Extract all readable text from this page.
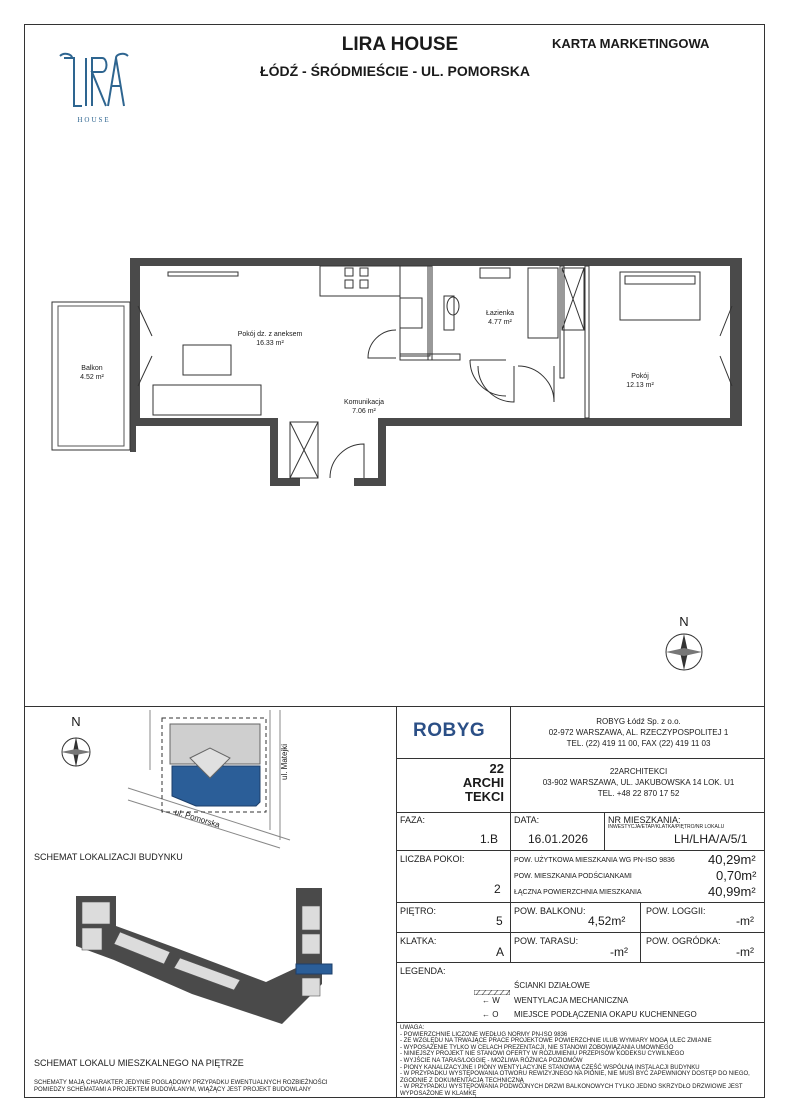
HOUSE
LIRA HOUSE
ŁÓDŹ - ŚRÓDMIEŚCIE - UL. POMORSKA
KARTA MARKETINGOWA
Balkon
4.52 m²
Pokój dz. z aneksem
16.33 m²
Łazienka
4.77 m²
Pokój
12.13 m²
Komunikacja
7.06 m²
N
N
ul. Matejki
ul. Pomorska
SCHEMAT LOKALIZACJI BUDYNKU
SCHEMAT LOKALU MIESZKALNEGO NA PIĘTRZE
SCHEMATY MAJĄ CHARAKTER JEDYNIE POGLĄDOWY PRZYPADKU EWENTUALNYCH ROZBIEŻNOŚCI POMIEDZY SCHEMATAMI A PROJEKTEM BUDOWLANYM, WIĄŻĄCY JEST PROJEKT BUDOWLANY
ROBYG	ROBYG Łódź Sp. z o.o.
02-972 WARSZAWA, AL. RZECZYPOSPOLITEJ 1
TEL. (22) 419 11 00, FAX (22) 419 11 03
22
ARCHI
TEKCI
22ARCHITEKCI
03-902 WARSZAWA, UL. JAKUBOWSKA 14 LOK. U1
TEL. +48 22 870 17 52
FAZA:
1.B
DATA:
16.01.2026
NR MIESZKANIA:
INWESTYCJA/ETAP/KLATKA/PIĘTRO/NR LOKALU
LH/LHA/A/5/1
LICZBA POKOI:
2
POW. UŻYTKOWA MIESZKANIA WG PN-ISO 9836	40,29m²
POW. MIESZKANIA PODŚCIANKAMI	0,70m²
ŁĄCZNA POWIERZCHNIA MIESZKANIA	40,99m²
PIĘTRO:
5
POW. BALKONU:
4,52m²
POW. LOGGII:
-m²
KLATKA:
A
POW. TARASU:
-m²
POW. OGRÓDKA:
-m²
LEGENDA:
ŚCIANKI DZIAŁOWE
← W WENTYLACJA MECHANICZNA
← O MIEJSCE PODŁĄCZENIA OKAPU KUCHENNEGO
UWAGA:
- POWIERZCHNIE LICZONE WEDŁUG NORMY PN-ISO 9836
- ZE WZGLĘDU NA TRWAJĄCE PRACE PROJEKTOWE POWIERZCHNIE I/LUB WYMIARY MOGĄ ULEC ZMIANIE
- WYPOSAŻENIE TYLKO W CELACH PREZENTACJI, NIE STANOWI ZOBOWIĄZANIA UMOWNEGO
- NINIEJSZY PROJEKT NIE STANOWI OFERTY W ROZUMIENIU PRZEPISÓW KODEKSU CYWILNEGO
- WYJŚCIE NA TARAS/LOGGIĘ - MOŻLIWA RÓŻNICA POZIOMÓW
- PIONY KANALIZACYJNE I PIONY WENTYLACYJNE STANOWIĄ CZĘŚĆ WSPÓLNĄ INSTALACJI BUDYNKU
- W PRZYPADKU WYSTĘPOWANIA OTWORU REWIZYJNEGO NA PIONIE, NIE MUSI BYĆ ZAPEWNIONY DOSTĘP DO NIEGO, ZGODNIE Z DOKUMENTACJĄ TECHNICZNĄ
- W PRZYPADKU WYSTĘPOWANIA PODWÓJNYCH DRZWI BALKONOWYCH TYLKO JEDNO SKRZYDŁO DRZWIOWE JEST WYPOSAŻONE W KLAMKĘ
